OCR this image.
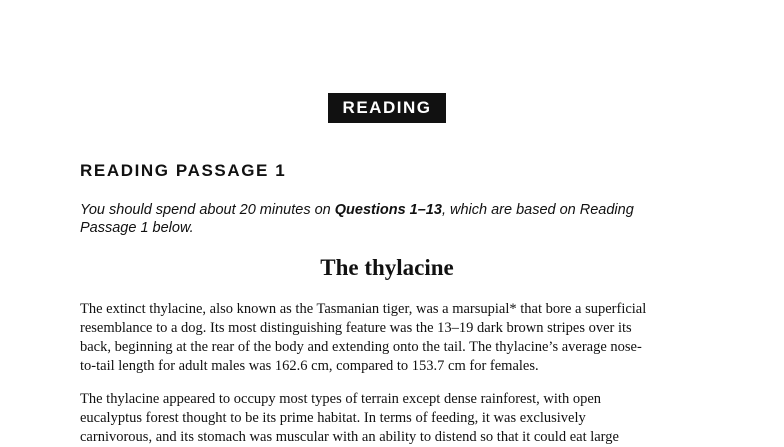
READING
READING PASSAGE 1
You should spend about 20 minutes on Questions 1–13, which are based on Reading
Passage 1 below.
The thylacine
The extinct thylacine, also known as the Tasmanian tiger, was a marsupial* that bore a superficial
resemblance to a dog. Its most distinguishing feature was the 13–19 dark brown stripes over its
back, beginning at the rear of the body and extending onto the tail. The thylacine’s average nose-
to-tail length for adult males was 162.6 cm, compared to 153.7 cm for females.
The thylacine appeared to occupy most types of terrain except dense rainforest, with open
eucalyptus forest thought to be its prime habitat. In terms of feeding, it was exclusively
carnivorous, and its stomach was muscular with an ability to distend so that it could eat large
